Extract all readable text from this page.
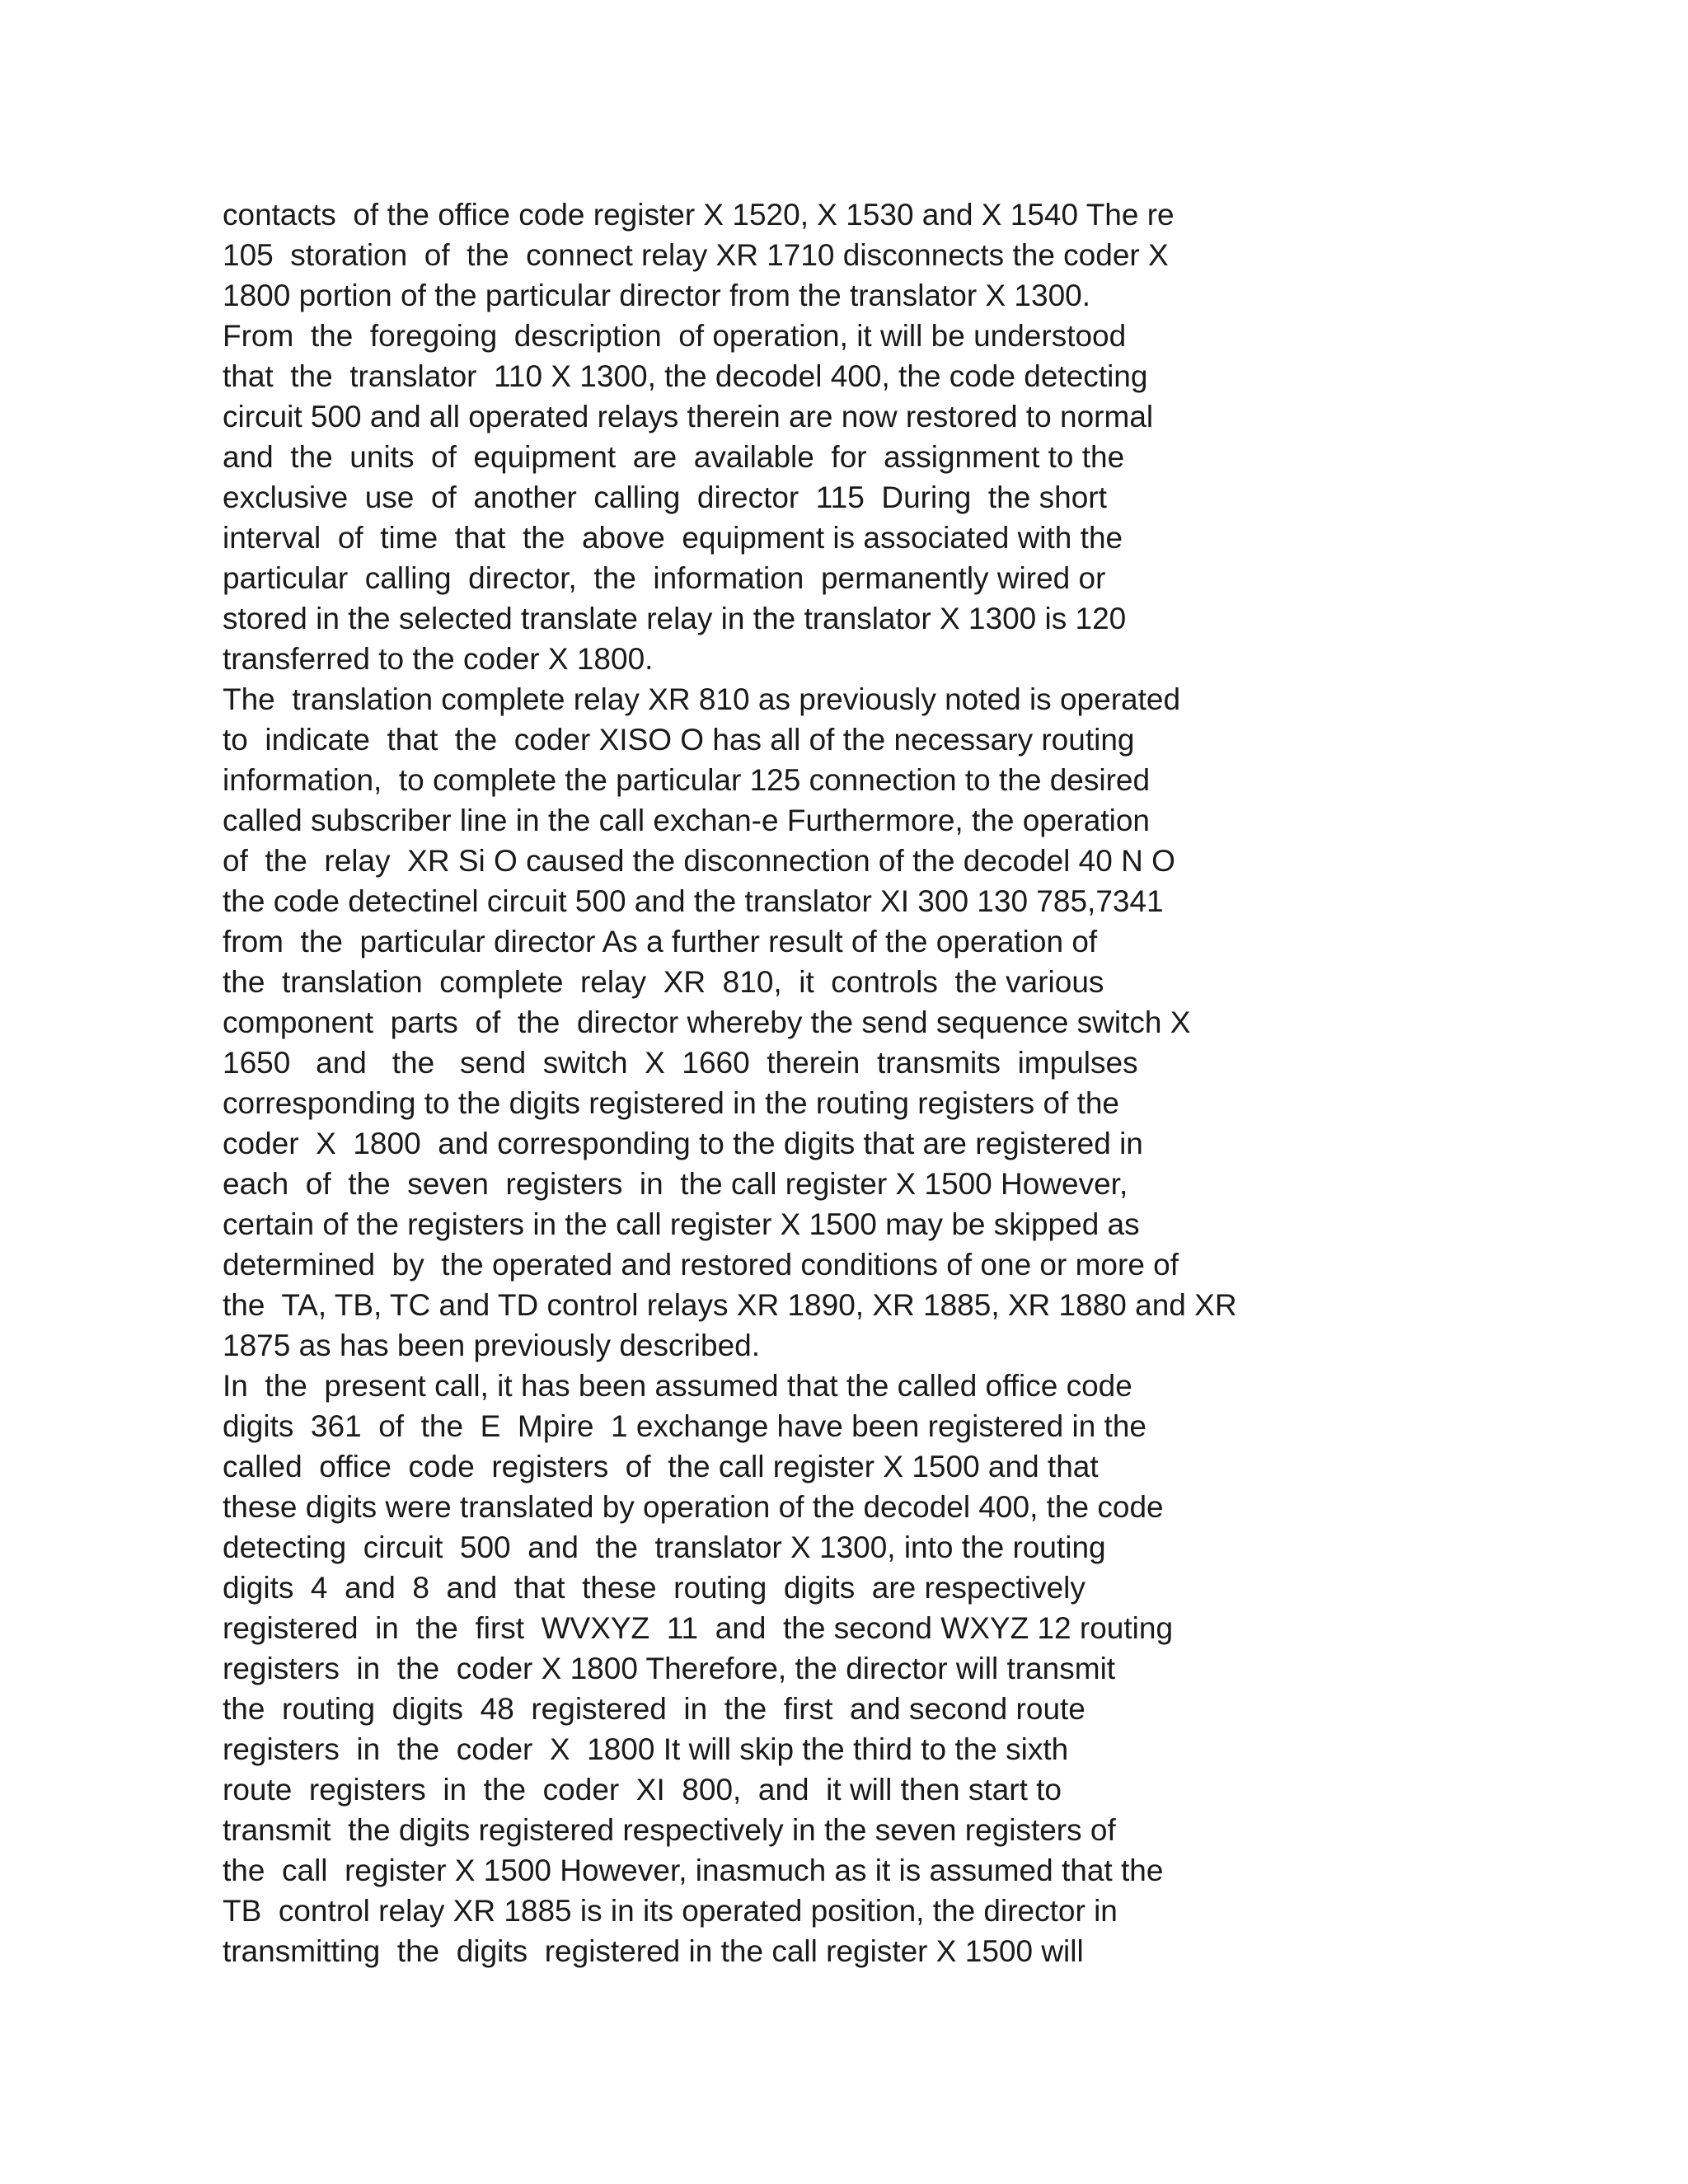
contacts  of the office code register X 1520, X 1530 and X 1540 The re
105  storation  of  the  connect relay XR 1710 disconnects the coder X
1800 portion of the particular director from the translator X 1300.
From  the  foregoing  description  of operation, it will be understood
that  the  translator  110 X 1300, the decodel 400, the code detecting
circuit 500 and all operated relays therein are now restored to normal
and  the  units  of  equipment  are  available  for  assignment to the
exclusive  use  of  another  calling  director  115  During  the short
interval  of  time  that  the  above  equipment is associated with the
particular  calling  director,  the  information  permanently wired or
stored in the selected translate relay in the translator X 1300 is 120
transferred to the coder X 1800.
The  translation complete relay XR 810 as previously noted is operated
to  indicate  that  the  coder XISO O has all of the necessary routing
information,  to complete the particular 125 connection to the desired
called subscriber line in the call exchan-e Furthermore, the operation
of  the  relay  XR Si O caused the disconnection of the decodel 40 N O
the code detectinel circuit 500 and the translator XI 300 130 785,7341
from  the  particular director As a further result of the operation of
the  translation  complete  relay  XR  810,  it  controls  the various
component  parts  of  the  director whereby the send sequence switch X
1650   and   the   send  switch  X  1660  therein  transmits  impulses
corresponding to the digits registered in the routing registers of the
coder  X  1800  and corresponding to the digits that are registered in
each  of  the  seven  registers  in  the call register X 1500 However,
certain of the registers in the call register X 1500 may be skipped as
determined  by  the operated and restored conditions of one or more of
the  TA, TB, TC and TD control relays XR 1890, XR 1885, XR 1880 and XR
1875 as has been previously described.
In  the  present call, it has been assumed that the called office code
digits  361  of  the  E  Mpire  1 exchange have been registered in the
called  office  code  registers  of  the call register X 1500 and that
these digits were translated by operation of the decodel 400, the code
detecting  circuit  500  and  the  translator X 1300, into the routing
digits  4  and  8  and  that  these  routing  digits  are respectively
registered  in  the  first  WVXYZ  11  and  the second WXYZ 12 routing
registers  in  the  coder X 1800 Therefore, the director will transmit
the  routing  digits  48  registered  in  the  first  and second route
registers  in  the  coder  X  1800 It will skip the third to the sixth
route  registers  in  the  coder  XI  800,  and  it will then start to
transmit  the digits registered respectively in the seven registers of
the  call  register X 1500 However, inasmuch as it is assumed that the
TB  control relay XR 1885 is in its operated position, the director in
transmitting  the  digits  registered in the call register X 1500 will
